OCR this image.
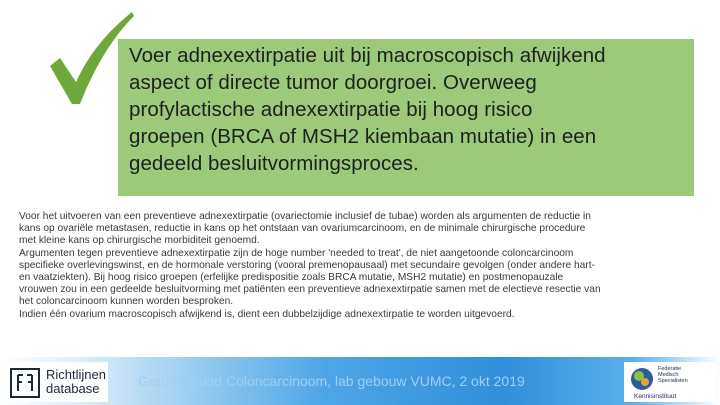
Voer adnexextirpatie uit bij macroscopisch afwijkend
aspect of directe tumor doorgroei. Overweeg
profylactische adnexextirpatie bij hoog risico
groepen (BRCA of MSH2 kiembaan mutatie) in een
gedeeld besluitvormingsproces.

Voor het uitvoeren van een preventieve adnexextirpatie (ovariectomie inclusief de tubae) worden als argumenten de reductie in
kans op ovariële metastasen, reductie in kans op het ontstaan van ovariumcarcinoom, en de minimale chirurgische procedure
met kleine kans op chirurgische morbiditeit genoemd.
Argumenten tegen preventieve adnexextirpatie zijn de hoge number 'needed to treat', de niet aangetoonde coloncarcinoom
specifieke overlevingswinst, en de hormonale verstoring (vooral premenopausaal) met secundaire gevolgen (onder andere hart-
en vaatziekten). Bij hoog risico groepen (erfelijke predispositie zoals BRCA mutatie, MSH2 mutatie) en postmenopauzale
vrouwen zou in een gedeelde besluitvorming met patiënten een preventieve adnexextirpatie samen met de electieve resectie van
het coloncarcinoom kunnen worden besproken.
Indien één ovarium macroscopisch afwijkend is, dient een dubbelzijdige adnexextirpatie te worden uitgevoerd.

Richtlijnen
database	Grand Round Coloncarcinoom, lab gebouw VUMC, 2 okt 2019
Federatie
Medisch
Specialisten
Kennisinstituut
